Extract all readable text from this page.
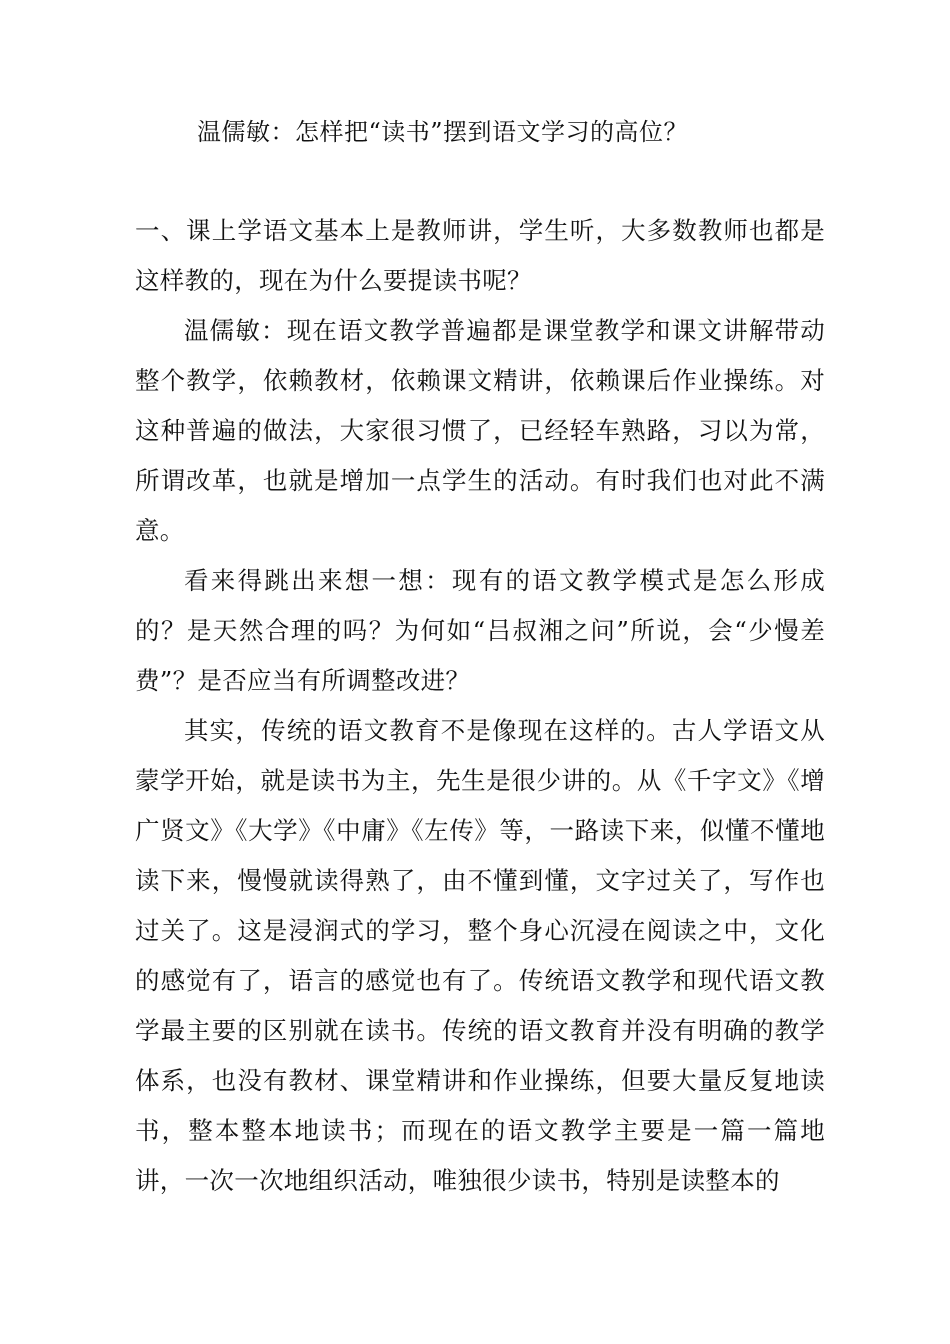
温儒敏：怎样把“读书”摆到语文学习的高位？

一、课上学语文基本上是教师讲，学生听，大多数教师也都是这样教的，现在为什么要提读书呢？

温儒敏：现在语文教学普遍都是课堂教学和课文讲解带动整个教学，依赖教材，依赖课文精讲，依赖课后作业操练。对这种普遍的做法，大家很习惯了，已经轻车熟路，习以为常，所谓改革，也就是增加一点学生的活动。有时我们也对此不满意。

看来得跳出来想一想：现有的语文教学模式是怎么形成的？是天然合理的吗？为何如“吕叔湘之问”所说，会“少慢差费”？是否应当有所调整改进？

其实，传统的语文教育不是像现在这样的。古人学语文从蒙学开始，就是读书为主，先生是很少讲的。从《千字文》《增广贤文》《大学》《中庸》《左传》等，一路读下来，似懂不懂地读下来，慢慢就读得熟了，由不懂到懂，文字过关了，写作也过关了。这是浸润式的学习，整个身心沉浸在阅读之中，文化的感觉有了，语言的感觉也有了。传统语文教学和现代语文教学最主要的区别就在读书。传统的语文教育并没有明确的教学体系，也没有教材、课堂精讲和作业操练，但要大量反复地读书，整本整本地读书；而现在的语文教学主要是一篇一篇地讲，一次一次地组织活动，唯独很少读书，特别是读整本的
